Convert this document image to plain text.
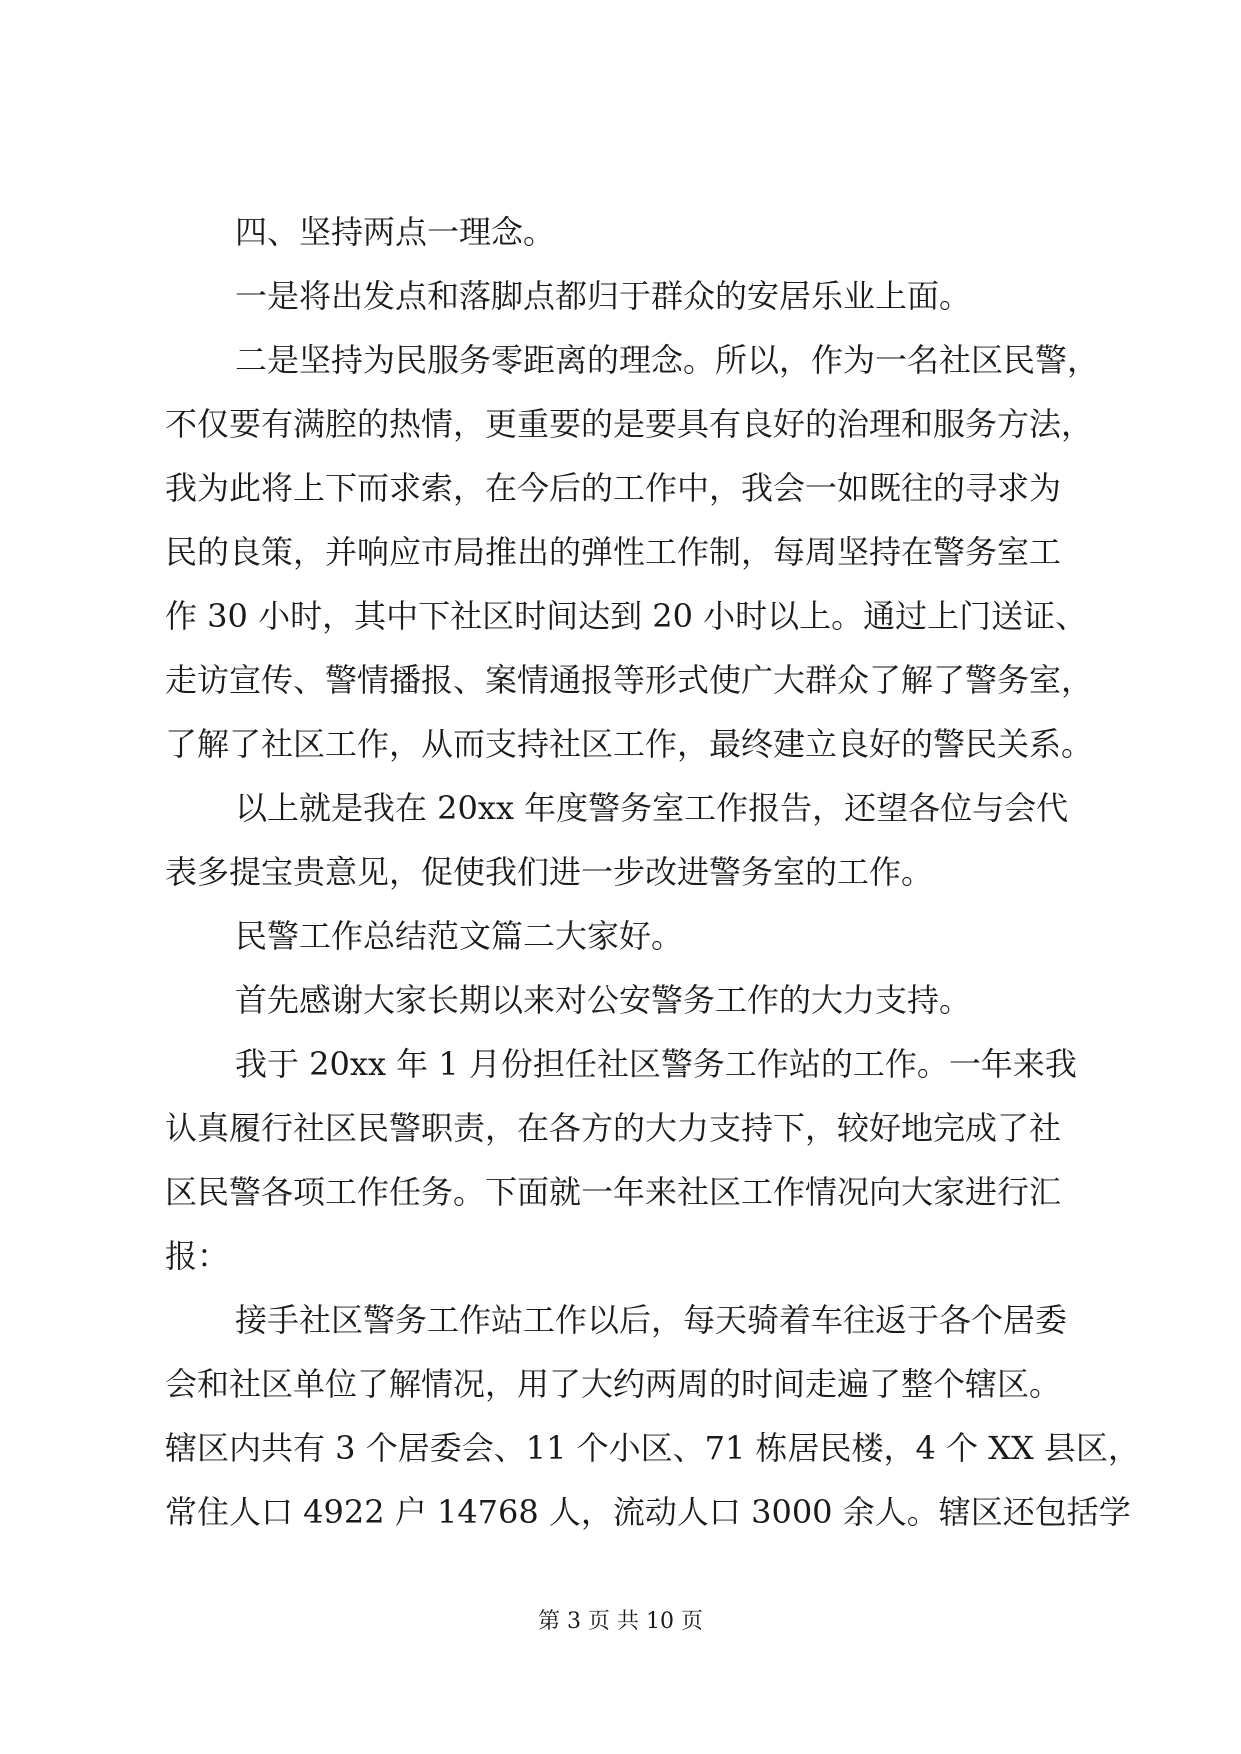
四、坚持两点一理念。
一是将出发点和落脚点都归于群众的安居乐业上面。
二是坚持为民服务零距离的理念。所以，作为一名社区民警，
不仅要有满腔的热情，更重要的是要具有良好的治理和服务方法，
我为此将上下而求索，在今后的工作中，我会一如既往的寻求为
民的良策，并响应市局推出的弹性工作制，每周坚持在警务室工
作 30 小时，其中下社区时间达到 20 小时以上。通过上门送证、
走访宣传、警情播报、案情通报等形式使广大群众了解了警务室，
了解了社区工作，从而支持社区工作，最终建立良好的警民关系。
以上就是我在 20xx 年度警务室工作报告，还望各位与会代
表多提宝贵意见，促使我们进一步改进警务室的工作。
民警工作总结范文篇二大家好。
首先感谢大家长期以来对公安警务工作的大力支持。
我于 20xx 年 1 月份担任社区警务工作站的工作。一年来我
认真履行社区民警职责，在各方的大力支持下，较好地完成了社
区民警各项工作任务。下面就一年来社区工作情况向大家进行汇
报：
接手社区警务工作站工作以后，每天骑着车往返于各个居委
会和社区单位了解情况，用了大约两周的时间走遍了整个辖区。
辖区内共有 3 个居委会、11 个小区、71 栋居民楼，4 个 XX 县区，
常住人口 4922 户 14768 人，流动人口 3000 余人。辖区还包括学
第 3 页 共 10 页
